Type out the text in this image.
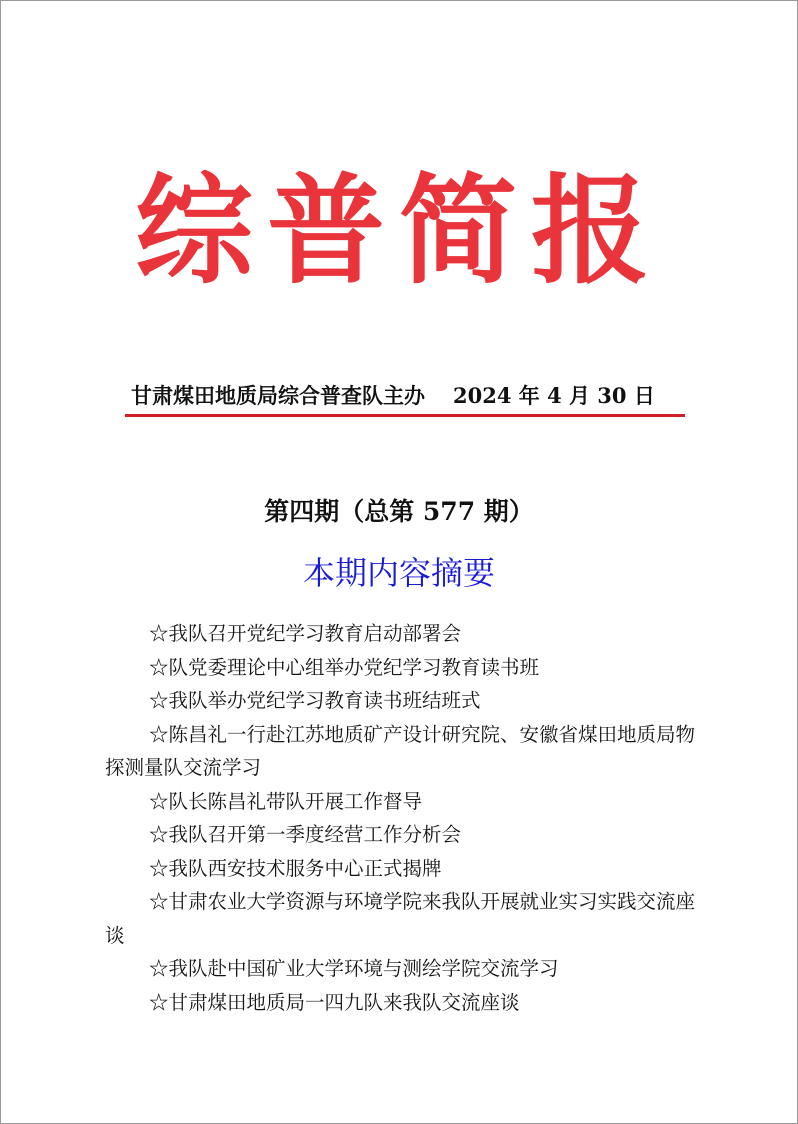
综普简报
甘肃煤田地质局综合普查队主办 2024 年 4 月 30 日
第四期（总第 577 期）
本期内容摘要
☆我队召开党纪学习教育启动部署会
☆队党委理论中心组举办党纪学习教育读书班
☆我队举办党纪学习教育读书班结班式
☆陈昌礼一行赴江苏地质矿产设计研究院、安徽省煤田地质局物探测量队交流学习
☆队长陈昌礼带队开展工作督导
☆我队召开第一季度经营工作分析会
☆我队西安技术服务中心正式揭牌
☆甘肃农业大学资源与环境学院来我队开展就业实习实践交流座谈
☆我队赴中国矿业大学环境与测绘学院交流学习
☆甘肃煤田地质局一四九队来我队交流座谈
